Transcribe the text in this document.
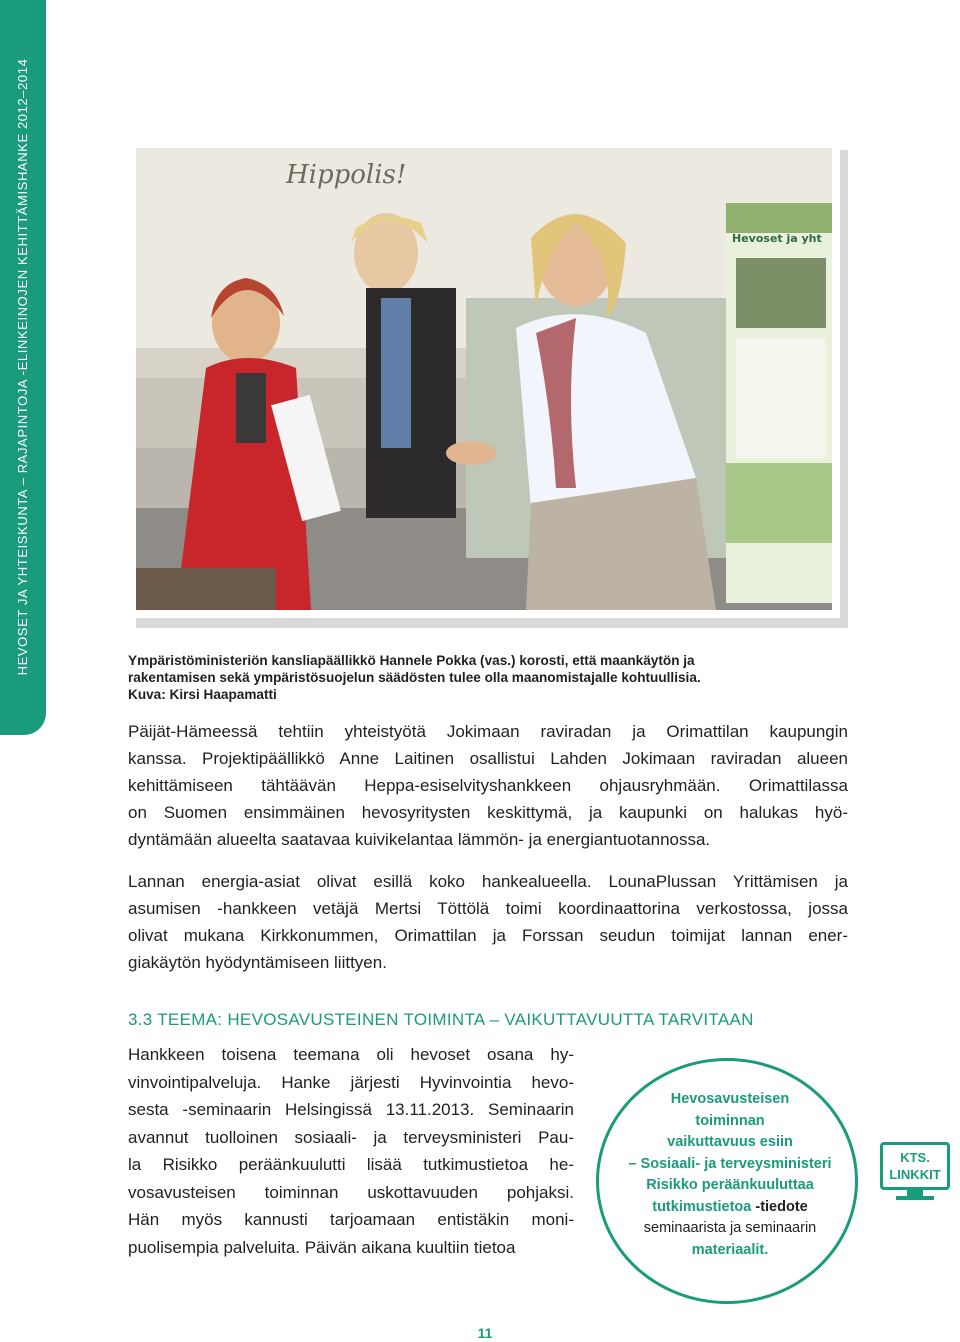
HEVOSET JA YHTEISKUNTA – RAJAPINTOJA -ELINKEINOJEN KEHITTÄMISHANKE 2012–2014	Hippolis!
Hevoset ja yht
Ympäristöministeriön kansliapäällikkö Hannele Pokka (vas.) korosti, että maankäytön ja
rakentamisen sekä ympäristösuojelun säädösten tulee olla maanomistajalle kohtuullisia.
Kuva: Kirsi Haapamatti
Päijät-Hämeessä tehtiin yhteistyötä Jokimaan raviradan ja Orimattilan kaupungin
kanssa. Projektipäällikkö Anne Laitinen osallistui Lahden Jokimaan raviradan alueen
kehittämiseen tähtäävän Heppa-esiselvityshankkeen ohjausryhmään. Orimattilassa
on Suomen ensimmäinen hevosyritysten keskittymä, ja kaupunki on halukas hyö-
dyntämään alueelta saatavaa kuivikelantaa lämmön- ja energiantuotannossa.
Lannan energia-asiat olivat esillä koko hankealueella. LounaPlussan Yrittämisen ja
asumisen -hankkeen vetäjä Mertsi Töttölä toimi koordinaattorina verkostossa, jossa
olivat mukana Kirkkonummen, Orimattilan ja Forssan seudun toimijat lannan ener-
giakäytön hyödyntämiseen liittyen.
3.3 TEEMA: HEVOSAVUSTEINEN TOIMINTA – VAIKUTTAVUUTTA TARVITAAN
Hankkeen toisena teemana oli hevoset osana hy-
vinvointipalveluja. Hanke järjesti Hyvinvointia hevo-
sesta -seminaarin Helsingissä 13.11.2013. Seminaarin
avannut tuolloinen sosiaali- ja terveysministeri Pau-
la Risikko peräänkuulutti lisää tutkimustietoa he-
vosavusteisen toiminnan uskottavuuden pohjaksi.
Hän myös kannusti tarjoamaan entistäkin moni-
puolisempia palveluita. Päivän aikana kuultiin tietoa
Hevosavusteisen
toiminnan
vaikuttavuus esiin
– Sosiaali- ja terveysministeri
Risikko peräänkuuluttaa
tutkimustietoa -tiedote
seminaarista ja seminaarin
materiaalit.
KTS.
LINKKIT
11
